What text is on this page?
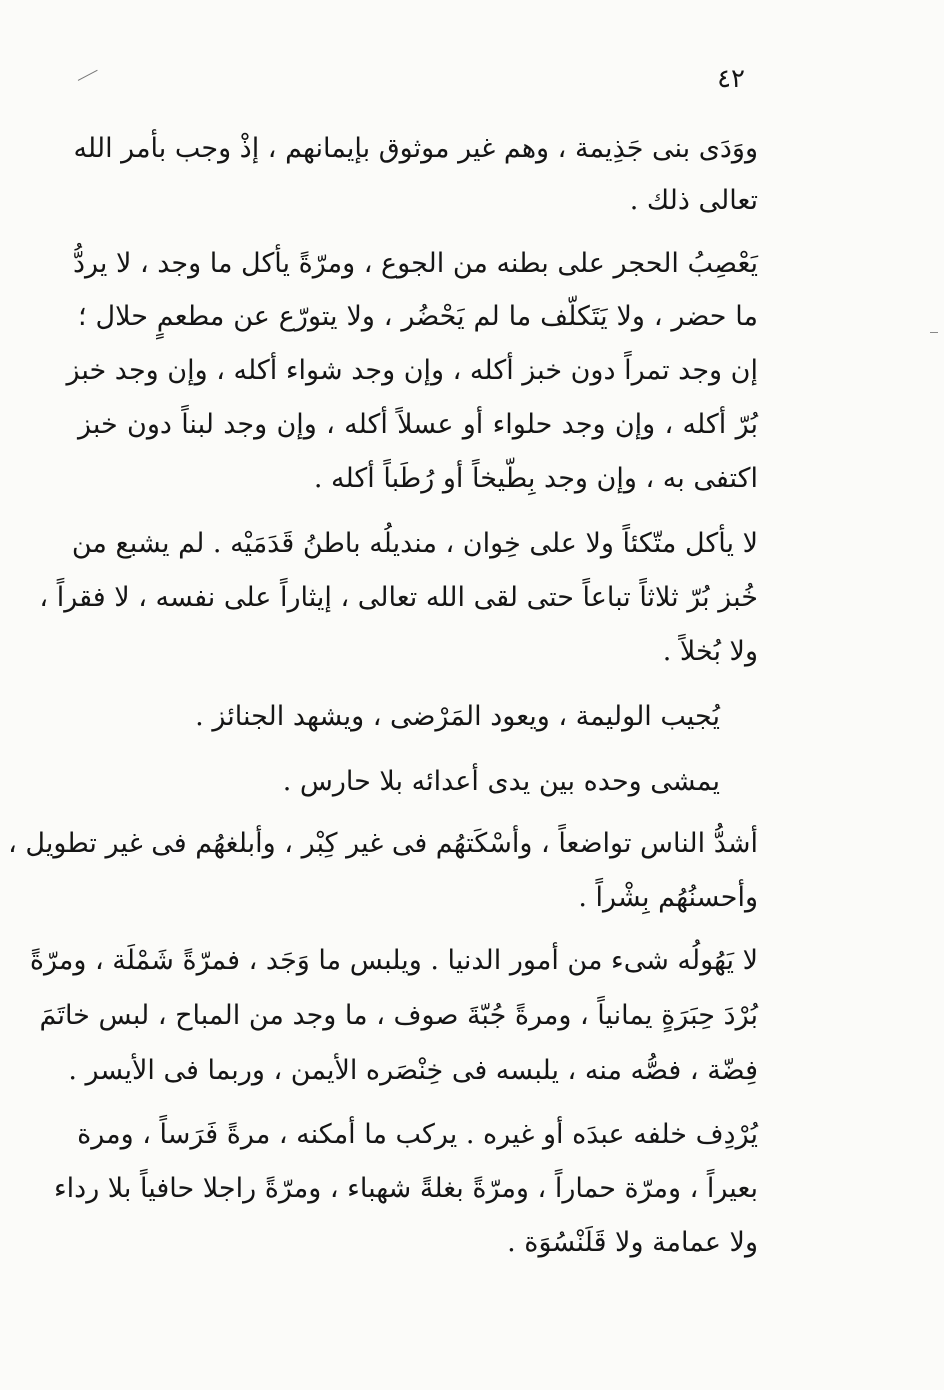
٤٢
ووَدَى بنى جَذِيمة ، وهم غير موثوق بإيمانهم ، إذْ وجب بأمر الله
تعالى ذلك .
يَعْصِبُ الحجر على بطنه من الجوع ، ومرّةً يأكل ما وجد ، لا يردُّ
ما حضر ، ولا يَتَكلّف ما لم يَحْضُر ، ولا يتورّع عن مطعمٍ حلال ؛
إن وجد تمراً دون خبز أكله ، وإن وجد شواء أكله ، وإن وجد خبز
بُرّ أكله ، وإن وجد حلواء أو عسلاً أكله ، وإن وجد لبناً دون خبز
اكتفى به ، وإن وجد بِطّيخاً أو رُطَباً أكله .
لا يأكل متّكئاً ولا على خِوان ، منديلُه باطنُ قَدَمَيْه . لم يشبع من
خُبز بُرّ ثلاثاً تباعاً حتى لقى الله تعالى ، إيثاراً على نفسه ، لا فقراً ،
ولا بُخلاً .
يُجيب الوليمة ، ويعود المَرْضى ، ويشهد الجنائز .
يمشى وحده بين يدى أعدائه بلا حارس .
أشدُّ الناس تواضعاً ، وأسْكَتهُم فى غير كِبْر ، وأبلغهُم فى غير تطويل ،
وأحسنُهُم بِشْراً .
لا يَهُولُه شىء من أمور الدنيا . ويلبس ما وَجَد ، فمرّةً شَمْلَة ، ومرّةً
بُرْدَ حِبَرَةٍ يمانياً ، ومرةً جُبّةَ صوف ، ما وجد من المباح ، لبس خاتَمَ
فِضّة ، فصُّه منه ، يلبسه فى خِنْصَره الأيمن ، وربما فى الأيسر .
يُرْدِف خلفه عبدَه أو غيره . يركب ما أمكنه ، مرةً فَرَساً ، ومرة
بعيراً ، ومرّة حماراً ، ومرّةً بغلةً شهباء ، ومرّةً راجلا حافياً بلا رداء
ولا عمامة ولا قَلَنْسُوَة .
